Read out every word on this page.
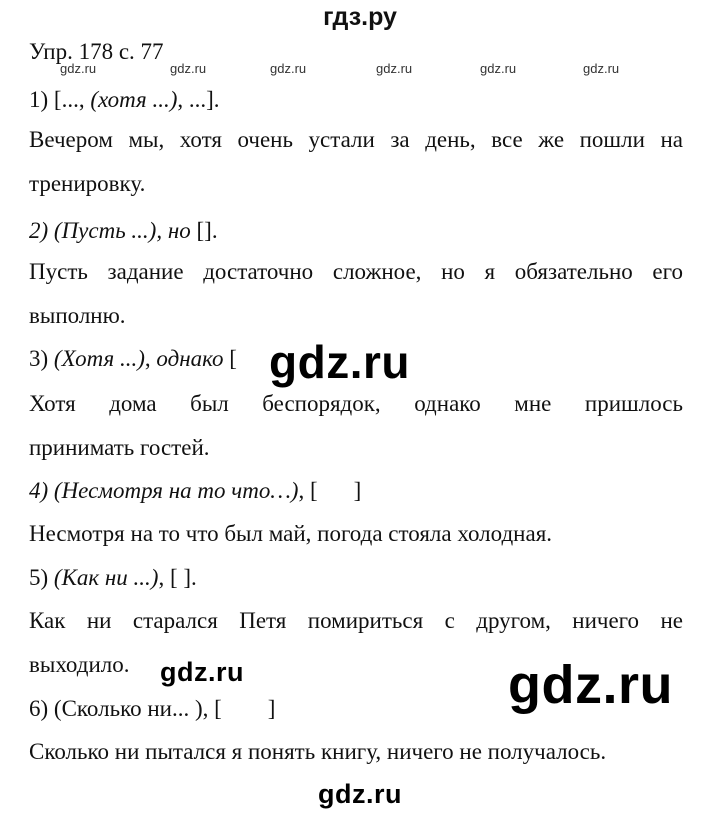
гдз.ру
gdz.ru	gdz.ru	gdz.ru	gdz.ru	gdz.ru	gdz.ru
Упр. 178 с. 77
1) [..., (хотя ...), ...].
Вечером мы, хотя очень устали за день, все же пошли на
тренировку.
2) (Пусть ...), но [].
Пусть задание достаточно сложное, но я обязательно его
выполню.
3) (Хотя ...), однако [
Хотя дома был беспорядок, однако мне пришлось
принимать гостей.
4) (Несмотря на то что…), [ ]
Несмотря на то что был май, погода стояла холодная.
5) (Как ни ...), [ ].
Как ни старался Петя помириться с другом, ничего не
выходило.
6) (Сколько ни... ), [ ]
Сколько ни пытался я понять книгу, ничего не получалось.
gdz.ru
gdz.ru	gdz.ru
gdz.ru
